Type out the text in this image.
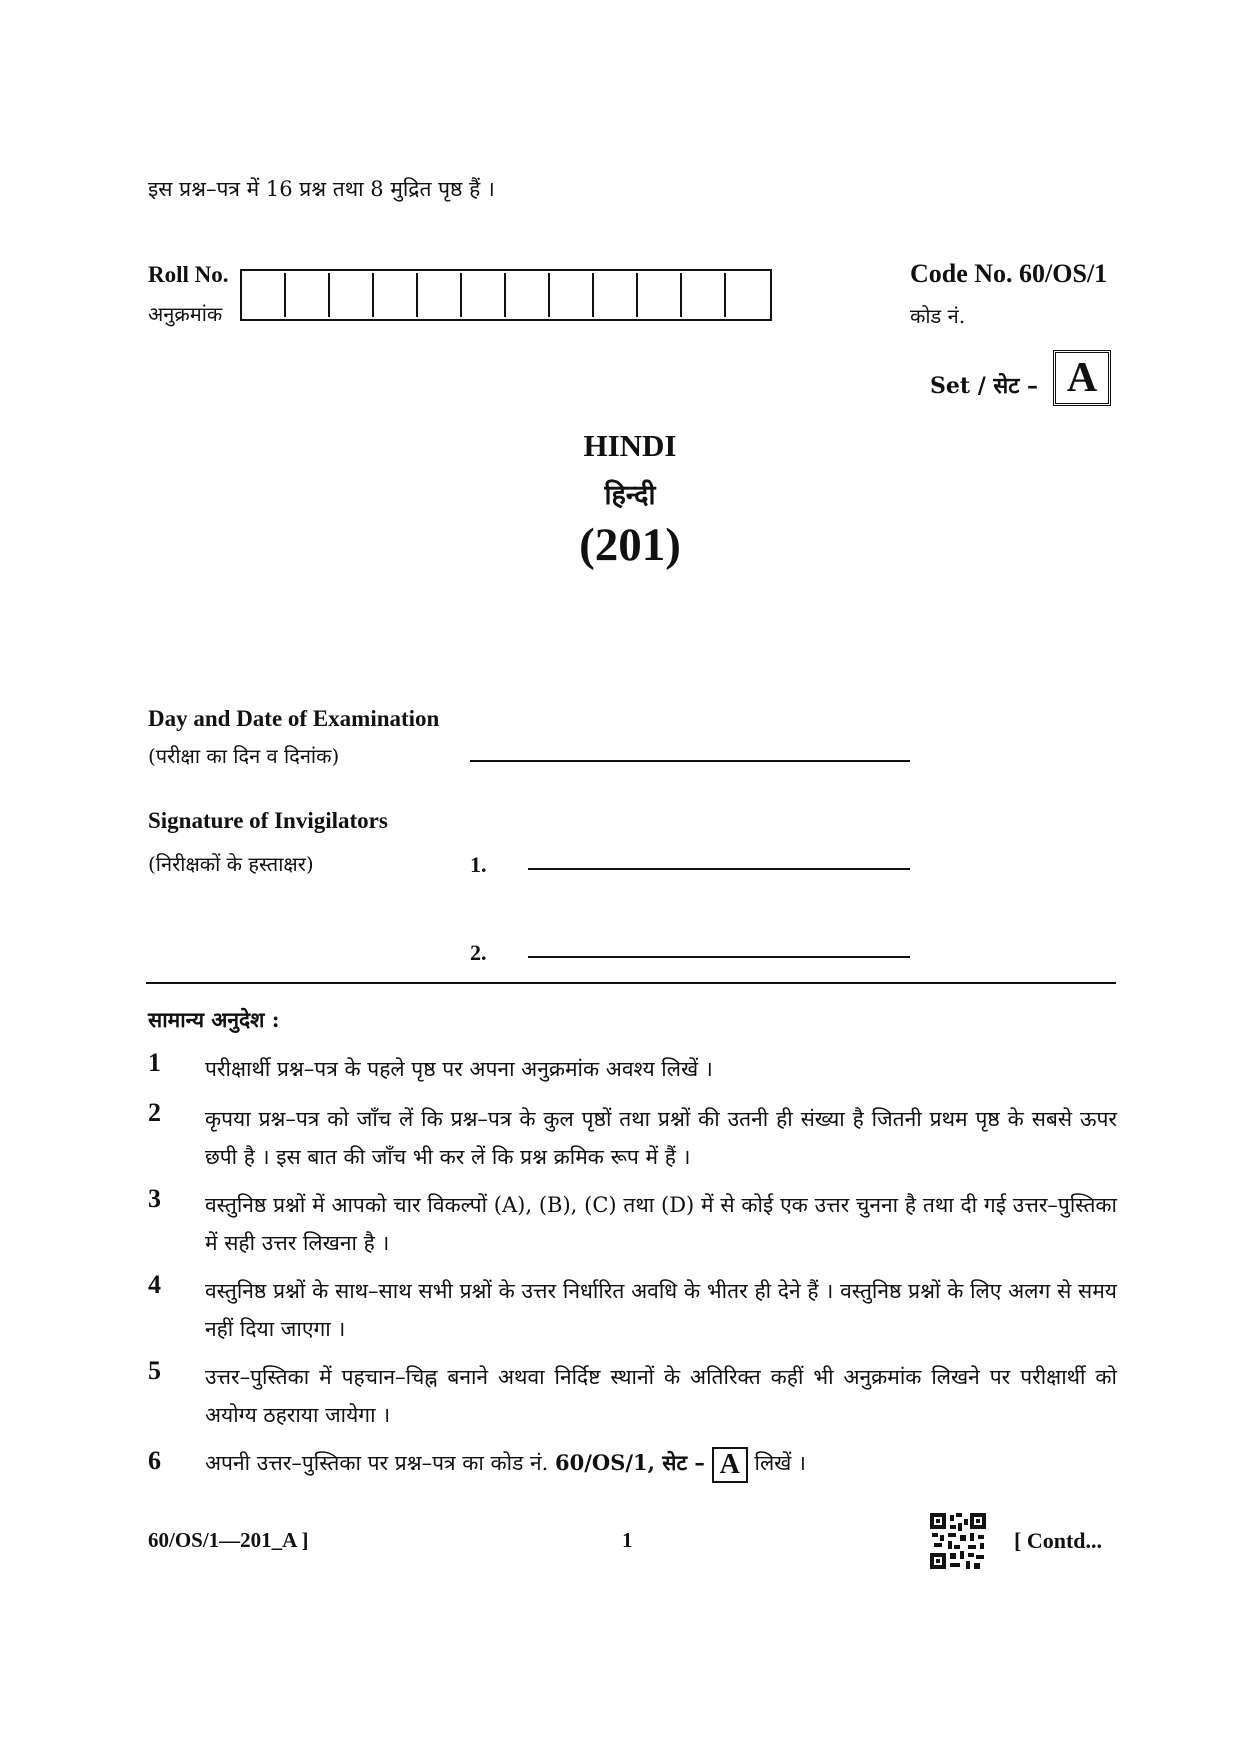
इस प्रश्न–पत्र में 16 प्रश्न तथा 8 मुद्रित पृष्ठ हैं ।
Roll No.
अनुक्रमांक
Code No. 60/OS/1
कोड नं.
Set / सेट – A
HINDI
हिन्दी
(201)
Day and Date of Examination
(परीक्षा का दिन व दिनांक)
Signature of Invigilators
(निरीक्षकों के हस्ताक्षर)	1.
2.
सामान्य अनुदेश :
1 परीक्षार्थी प्रश्न–पत्र के पहले पृष्ठ पर अपना अनुक्रमांक अवश्य लिखें ।
2 कृपया प्रश्न–पत्र को जाँच लें कि प्रश्न–पत्र के कुल पृष्ठों तथा प्रश्नों की उतनी ही संख्या है जितनी प्रथम पृष्ठ के सबसे ऊपर छपी है । इस बात की जाँच भी कर लें कि प्रश्न क्रमिक रूप में हैं ।
3 वस्तुनिष्ठ प्रश्नों में आपको चार विकल्पों (A), (B), (C) तथा (D) में से कोई एक उत्तर चुनना है तथा दी गई उत्तर–पुस्तिका में सही उत्तर लिखना है ।
4 वस्तुनिष्ठ प्रश्नों के साथ–साथ सभी प्रश्नों के उत्तर निर्धारित अवधि के भीतर ही देने हैं । वस्तुनिष्ठ प्रश्नों के लिए अलग से समय नहीं दिया जाएगा ।
5 उत्तर–पुस्तिका में पहचान–चिह्न बनाने अथवा निर्दिष्ट स्थानों के अतिरिक्त कहीं भी अनुक्रमांक लिखने पर परीक्षार्थी को अयोग्य ठहराया जायेगा ।
6 अपनी उत्तर–पुस्तिका पर प्रश्न–पत्र का कोड नं. 60/OS/1, सेट – A लिखें ।
60/OS/1—201_A ]	1	[ Contd...
